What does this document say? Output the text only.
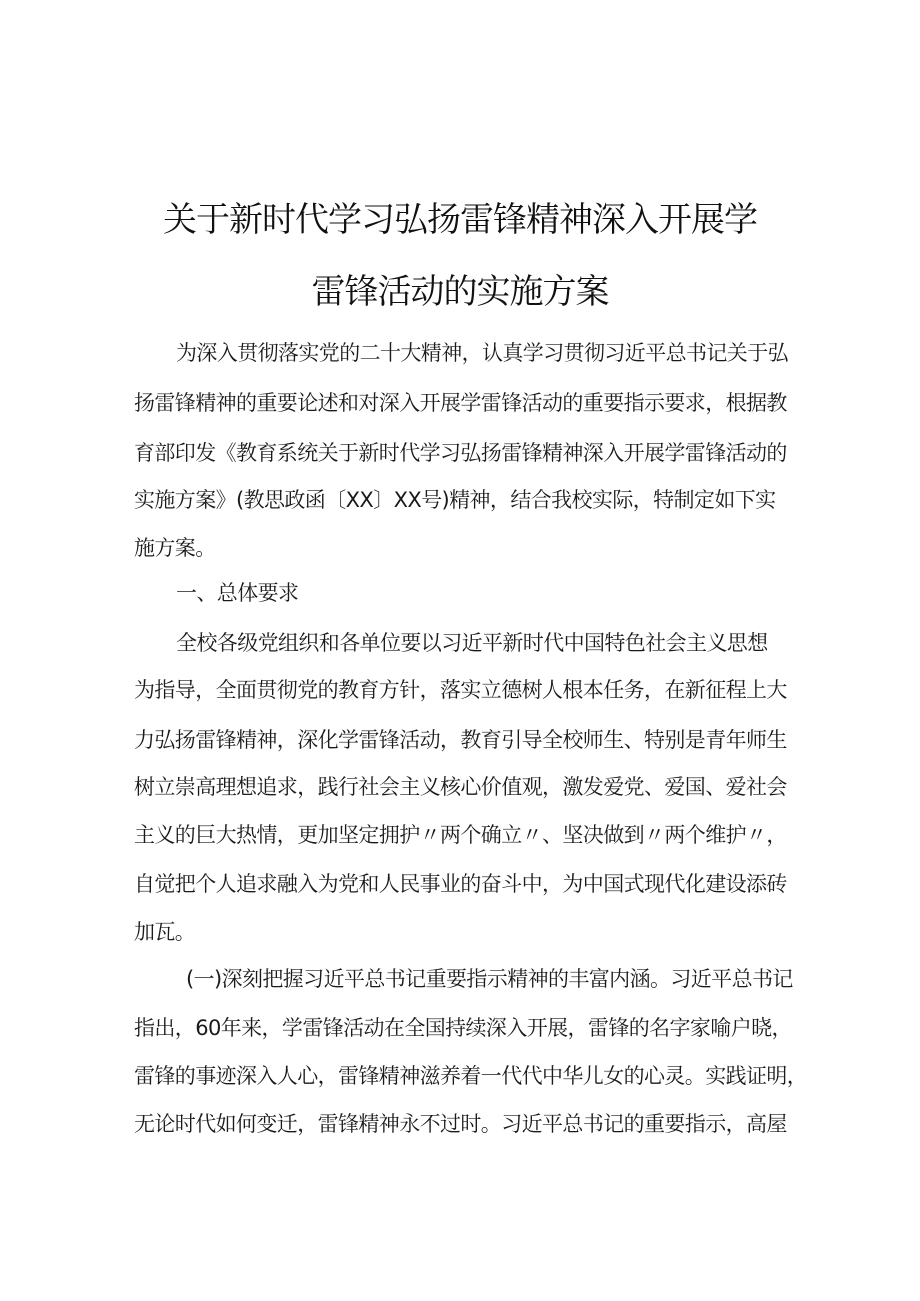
关于新时代学习弘扬雷锋精神深入开展学
雷锋活动的实施方案
为深入贯彻落实党的二十大精神，认真学习贯彻习近平总书记关于弘
扬雷锋精神的重要论述和对深入开展学雷锋活动的重要指示要求，根据教
育部印发《教育系统关于新时代学习弘扬雷锋精神深入开展学雷锋活动的
实施方案》(教思政函〔XX〕XX号)精神，结合我校实际，特制定如下实
施方案。
一、总体要求
全校各级党组织和各单位要以习近平新时代中国特色社会主义思想
为指导，全面贯彻党的教育方针，落实立德树人根本任务，在新征程上大
力弘扬雷锋精神，深化学雷锋活动，教育引导全校师生、特别是青年师生
树立崇高理想追求，践行社会主义核心价值观，激发爱党、爱国、爱社会
主义的巨大热情，更加坚定拥护〃两个确立〃、坚决做到〃两个维护〃，
自觉把个人追求融入为党和人民事业的奋斗中，为中国式现代化建设添砖
加瓦。
(一)深刻把握习近平总书记重要指示精神的丰富内涵。习近平总书记
指出，60年来，学雷锋活动在全国持续深入开展，雷锋的名字家喻户晓，
雷锋的事迹深入人心，雷锋精神滋养着一代代中华儿女的心灵。实践证明，
无论时代如何变迁，雷锋精神永不过时。习近平总书记的重要指示，高屋
